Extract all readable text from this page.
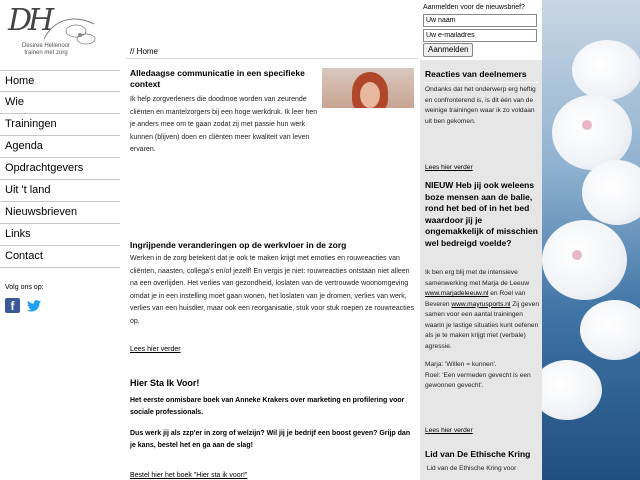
DH
Desiree Hellenoor
trainen met zorg
Home
Wie
Trainingen
Agenda
Opdrachtgevers
Uit 't land
Nieuwsbrieven
Links
Contact
Volg ons op:
f
// Home
Alledaagse communicatie in een specifieke context
Ik help zorgverleners die doodmoe worden van zeurende cliënten en mantelzorgers bij een hoge werkdruk. Ik leer hen je anders mee om te gaan zodat zij met passie hun werk kunnen (blijven) doen en cliënten meer kwaliteit van leven ervaren.
Ingrijpende veranderingen op de werkvloer in de zorg
Werken in de zorg betekent dat je ook te maken krijgt met emoties en rouwreacties van cliënten, naasten, collega's en/of jezelf! En vergis je niet: rouwreacties ontstaan niet alleen na een overlijden. Het verlies van gezondheid, loslaten van de vertrouwde woonomgeving omdat je in een instelling moet gaan wonen, het loslaten van je dromen, verlies van werk, verlies van een huisdier, maar ook een reorganisatie, stuk voor stuk roepen ze rouwreacties op.
Lees hier verder
Hier Sta Ik Voor!
Het eerste onmisbare boek van Anneke Krakers over marketing en profilering voor sociale professionals.
Dus werk jij als zzp'er in zorg of welzijn? Wil jij je bedrijf een boost geven? Grijp dan je kans, bestel het en ga aan de slag!
Bestel hier het boek "Hier sta ik voor!"
Aanmelden voor de nieuwsbrief?
Uw naam
Uw e-mailadres
Aanmelden
Reacties van deelnemers
Ondanks dat het onderwerp erg heftig en confronterend is, is dit één van de weinige trainingen waar ik zo voldaan uit ben gekomen.
Lees hier verder
NIEUW Heb jij ook weleens boze mensen aan de balie, rond het bed of in het bed waardoor jij je ongemakkelijk of misschien wel bedreigd voelde?
Ik ben erg blij met de intensieve samenwerking met Marja de Leeuw www.marjadeleeuw.nl en Roel van Beveren www.mayrusports.nl Zij geven samen voor een aantal trainingen waarin je lastige situaties kunt oefenen als je te maken krijgt met (verbale) agressie.
Marja: 'Willen = kunnen'.
Roel: 'Een vermeden gevecht is een gewonnen gevecht'.
Lees hier verder
Lid van De Ethische Kring
Lid van de Ethische Kring voor
